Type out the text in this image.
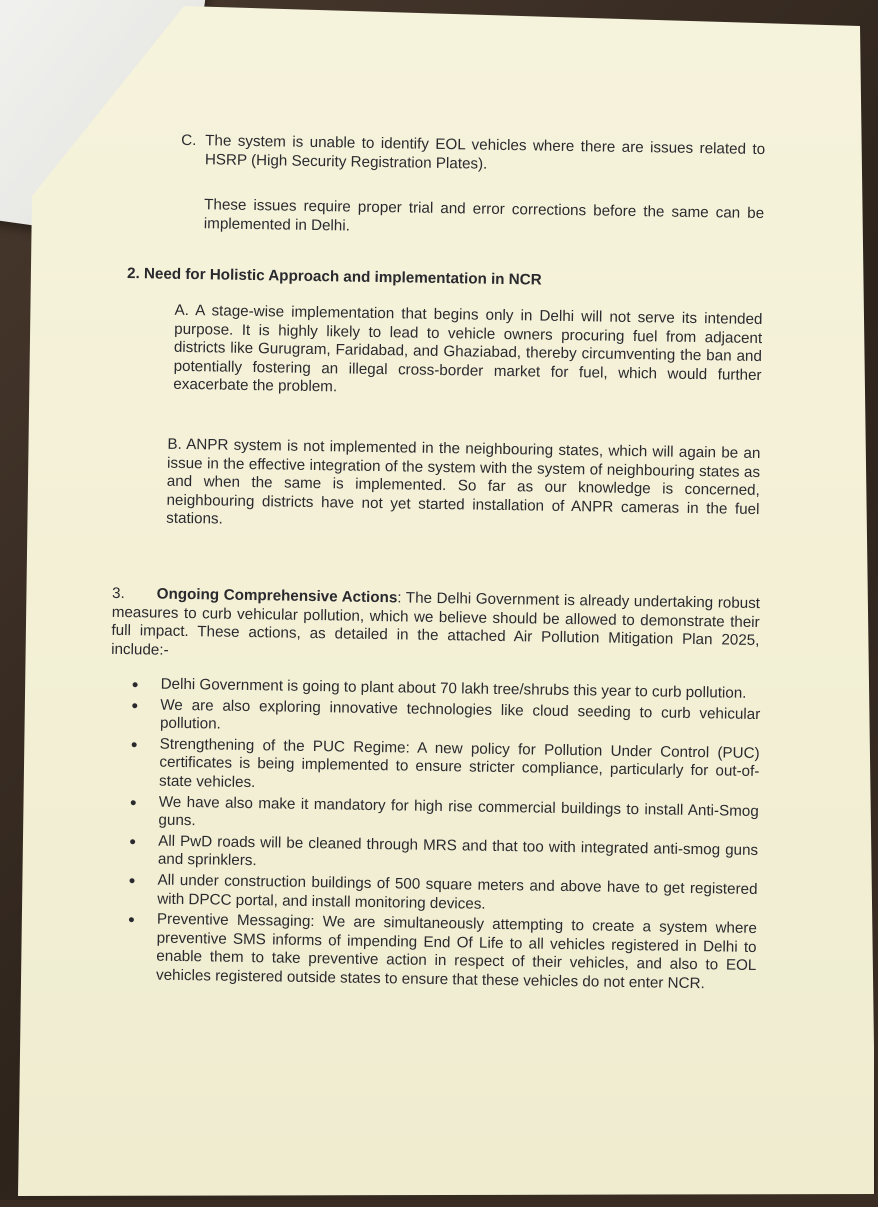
C. The system is unable to identify EOL vehicles where there are issues related to HSRP (High Security Registration Plates).
These issues require proper trial and error corrections before the same can be implemented in Delhi.
2. Need for Holistic Approach and implementation in NCR
A. A stage-wise implementation that begins only in Delhi will not serve its intended purpose. It is highly likely to lead to vehicle owners procuring fuel from adjacent districts like Gurugram, Faridabad, and Ghaziabad, thereby circumventing the ban and potentially fostering an illegal cross-border market for fuel, which would further exacerbate the problem.
B. ANPR system is not implemented in the neighbouring states, which will again be an issue in the effective integration of the system with the system of neighbouring states as and when the same is implemented. So far as our knowledge is concerned, neighbouring districts have not yet started installation of ANPR cameras in the fuel stations.
3. Ongoing Comprehensive Actions: The Delhi Government is already undertaking robust measures to curb vehicular pollution, which we believe should be allowed to demonstrate their full impact. These actions, as detailed in the attached Air Pollution Mitigation Plan 2025, include:-
Delhi Government is going to plant about 70 lakh tree/shrubs this year to curb pollution.
We are also exploring innovative technologies like cloud seeding to curb vehicular pollution.
Strengthening of the PUC Regime: A new policy for Pollution Under Control (PUC) certificates is being implemented to ensure stricter compliance, particularly for out-of-state vehicles.
We have also make it mandatory for high rise commercial buildings to install Anti-Smog guns.
All PwD roads will be cleaned through MRS and that too with integrated anti-smog guns and sprinklers.
All under construction buildings of 500 square meters and above have to get registered with DPCC portal, and install monitoring devices.
Preventive Messaging: We are simultaneously attempting to create a system where preventive SMS informs of impending End Of Life to all vehicles registered in Delhi to enable them to take preventive action in respect of their vehicles, and also to EOL vehicles registered outside states to ensure that these vehicles do not enter NCR.
